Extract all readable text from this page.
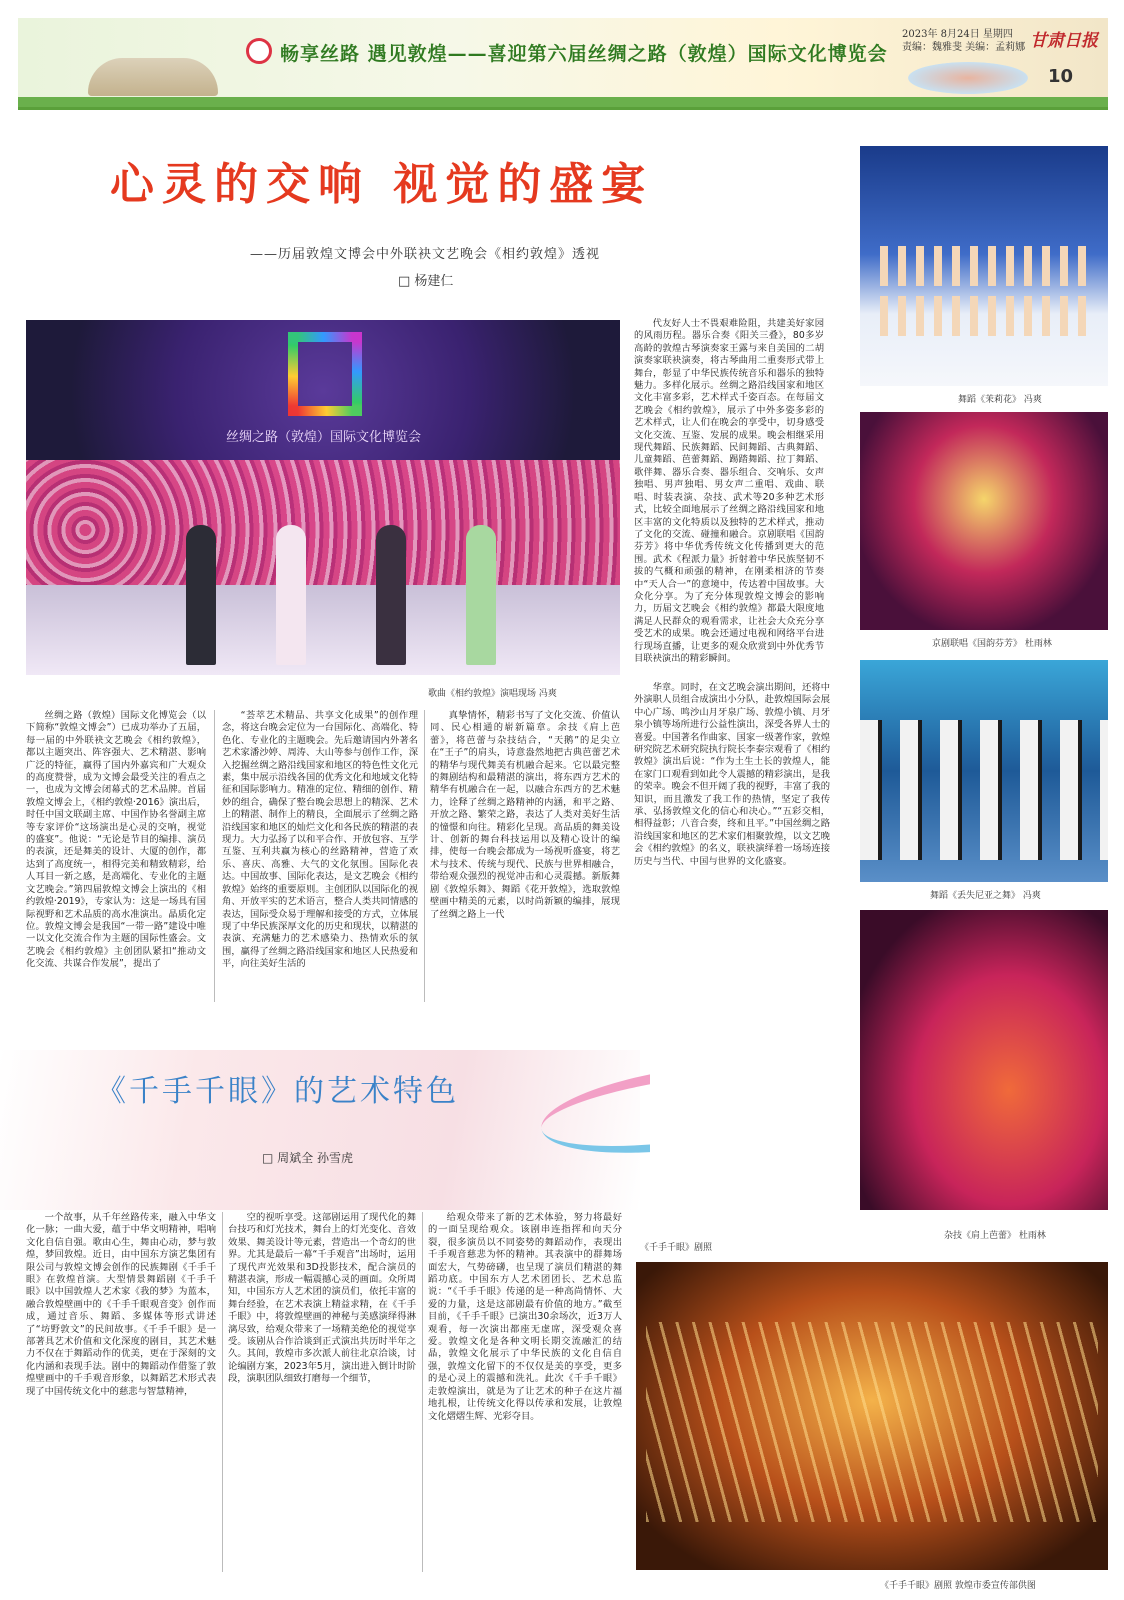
畅享丝路 遇见敦煌——喜迎第六届丝绸之路（敦煌）国际文化博览会
2023年 8月24日 星期四
责编：魏雅斐 美编：孟莉娜 甘肃日报
10
心灵的交响 视觉的盛宴
——历届敦煌文博会中外联袂文艺晚会《相约敦煌》透视
□ 杨建仁
丝绸之路（敦煌）国际文化博览会
歌曲《相约敦煌》演唱现场 冯爽

丝绸之路（敦煌）国际文化博览会（以下简称“敦煌文博会”）已成功举办了五届，每一届的中外联袂文艺晚会《相约敦煌》，都以主题突出、阵容强大、艺术精湛、影响广泛的特征，赢得了国内外嘉宾和广大观众的高度赞誉，成为文博会最受关注的看点之一，也成为文博会闭幕式的艺术品牌。首届敦煌文博会上，《相约敦煌·2016》演出后，时任中国文联副主席、中国作协名誉副主席等专家评价“这场演出是心灵的交响，视觉的盛宴”。他说：“无论是节目的编排、演员的表演，还是舞美的设计、大厦的创作，都达到了高度统一，相得完美和精致精彩，给人耳目一新之感，是高端化、专业化的主题文艺晚会。”第四届敦煌文博会上演出的《相约敦煌·2019》，专家认为：这是一场具有国际视野和艺术品质的高水准演出。晶质化定位。敦煌文博会是我国“一带一路”建设中唯一以文化交流合作为主题的国际性盛会。文艺晚会《相约敦煌》主创团队紧扣“推动文化交流、共谋合作发展”，提出了

“荟萃艺术精品、共享文化成果”的创作理念，将这台晚会定位为一台国际化、高端化、特色化、专业化的主题晚会。先后邀请国内外著名艺术家潘沙婷、周涛、大山等参与创作工作，深入挖掘丝绸之路沿线国家和地区的特色性文化元素，集中展示沿线各国的优秀文化和地域文化特征和国际影响力。精准的定位、精细的创作、精妙的组合，确保了整台晚会思想上的精深、艺术上的精湛、制作上的精良，全面展示了丝绸之路沿线国家和地区的灿烂文化和各民族的精湛的表现力。大力弘扬了以和平合作、开放包容、互学互鉴、互利共赢为核心的丝路精神，营造了欢乐、喜庆、高雅、大气的文化氛围。国际化表达。中国故事、国际化表达，是文艺晚会《相约敦煌》始终的重要原则。主创团队以国际化的视角、开放平实的艺术语言，整合人类共同情感的表达，国际受众易于理解和接受的方式，立体展现了中华民族深厚文化的历史和现状，以精湛的表演、充满魅力的艺术感染力、热情欢乐的氛围，赢得了丝绸之路沿线国家和地区人民热爱和平，向往美好生活的

真挚情怀，精彩书写了文化交流、价值认同、民心相通的崭新篇章。余技《肩上芭蕾》，将芭蕾与杂技结合，“天鹅”的足尖立在“王子”的肩头，诗意盎然地把古典芭蕾艺术的精华与现代舞美有机融合起来。它以最完整的舞剧结构和最精湛的演出，将东西方艺术的精华有机融合在一起，以融合东西方的艺术魅力，诠释了丝绸之路精神的内涵，和平之路、开放之路、繁荣之路，表达了人类对美好生活的憧憬和向往。精彩化呈现。高品质的舞美设计、创新的舞台科技运用以及精心设计的编排，使每一台晚会都成为一场视听盛宴，将艺术与技术、传统与现代、民族与世界相融合，带给观众强烈的视觉冲击和心灵震撼。新版舞剧《敦煌乐舞》、舞蹈《花开敦煌》，选取敦煌壁画中精美的元素，以时尚新颖的编排，展现了丝绸之路上一代

代友好人士不畏艰难险阻，共建美好家园的风雨历程。器乐合奏《阳关三叠》，80多岁高龄的敦煌古琴演奏家王露与来自美国的二胡演奏家联袂演奏，将古琴曲用二重奏形式带上舞台，彰显了中华民族传统音乐和器乐的独特魅力。多样化展示。丝绸之路沿线国家和地区文化丰富多彩，艺术样式千姿百态。在每届文艺晚会《相约敦煌》，展示了中外多姿多彩的艺术样式，让人们在晚会的享受中，切身感受文化交流、互鉴、发展的成果。晚会相继采用现代舞蹈、民族舞蹈、民间舞蹈、古典舞蹈、儿童舞蹈、芭蕾舞蹈、踢踏舞蹈、拉丁舞蹈、歌伴舞、器乐合奏、器乐组合、交响乐、女声独唱、男声独唱、男女声二重唱、戏曲、联唱、时装表演、杂技、武术等20多种艺术形式，比较全面地展示了丝绸之路沿线国家和地区丰富的文化特质以及独特的艺术样式，推动了文化的交流、碰撞和融合。京剧联唱《国韵芬芳》将中华优秀传统文化传播到更大的范围。武术《程派力量》折射着中华民族坚韧不拔的气概和顽强的精神，在刚柔相济的节奏中“天人合一”的意境中，传达着中国故事。大众化分享。为了充分体现敦煌文博会的影响力，历届文艺晚会《相约敦煌》都最大限度地满足人民群众的观看需求，让社会大众充分享受艺术的成果。晚会还通过电视和网络平台进行现场直播，让更多的观众欣赏到中外优秀节目联袂演出的精彩瞬间。

华章。同时，在文艺晚会演出期间，还将中外演职人员组合成演出小分队，赴敦煌国际会展中心广场、鸣沙山月牙泉广场、敦煌小镇、月牙泉小镇等场所进行公益性演出，深受各界人士的喜爱。中国著名作曲家、国家一级著作家，敦煌研究院艺术研究院执行院长李泰宗观看了《相约敦煌》演出后说：“作为土生土长的敦煌人，能在家门口观看到如此令人震撼的精彩演出，是我的荣幸。晚会不但开阔了我的视野，丰富了我的知识，而且激发了我工作的热情，坚定了我传承、弘扬敦煌文化的信心和决心。”“五彩交相，相得益彰；八音合奏，终和且平。”中国丝绸之路沿线国家和地区的艺术家们相聚敦煌，以文艺晚会《相约敦煌》的名义，联袂演绎着一场场连接历史与当代、中国与世界的文化盛宴。

舞蹈《茉莉花》 冯爽
京剧联唱《国韵芬芳》 杜雨林
舞蹈《丢失尼亚之舞》 冯爽
杂技《肩上芭蕾》 杜雨林
《千手千眼》的艺术特色
□ 周斌全 孙雪虎

一个故事，从千年丝路传来，融入中华文化一脉；一曲大爱，蕴于中华文明精神，唱响文化自信自强。歌由心生，舞由心动，梦与敦煌，梦回敦煌。近日，由中国东方演艺集团有限公司与敦煌文博会创作的民族舞剧《千手千眼》在敦煌首演。大型情景舞蹈剧《千手千眼》以中国敦煌人艺术家《我的梦》为蓝本，融合敦煌壁画中的《千手千眼观音变》创作而成，通过音乐、舞蹈、多媒体等形式讲述了“坊野敦文”的民间故事。《千手千眼》是一部著具艺术价值和文化深度的剧目，其艺术魅力不仅在于舞蹈动作的优美，更在于深刻的文化内涵和表现手法。剧中的舞蹈动作借鉴了敦煌壁画中的千手观音形象，以舞蹈艺术形式表现了中国传统文化中的慈悲与智慧精神，

空的视听享受。这部剧运用了现代化的舞台技巧和灯光技术，舞台上的灯光变化、音效效果、舞美设计等元素，营造出一个奇幻的世界。尤其是最后一幕“千手观音”出场时，运用了现代声光效果和3D投影技术，配合演员的精湛表演，形成一幅震撼心灵的画面。众所周知，中国东方人艺术团的演员们，依托丰富的舞台经验，在艺术表演上精益求精，在《千手千眼》中，将敦煌壁画的神秘与美感演绎得淋漓尽致，给观众带来了一场精美绝伦的视觉享受。该剧从合作洽谈到正式演出共历时半年之久。其间，敦煌市多次派人前往北京洽谈，讨论编剧方案，2023年5月，演出进入倒计时阶段，演职团队细致打磨每一个细节，

给观众带来了新的艺术体验，努力将最好的一面呈现给观众。该剧串连指挥和向天分裂，很多演员以不同姿势的舞蹈动作，表现出千手观音慈悲为怀的精神。其表演中的群舞场面宏大，气势磅礴，也呈现了演员们精湛的舞蹈功底。中国东方人艺术团团长、艺术总监说：“《千手千眼》传递的是一种高尚情怀、大爱的力量，这是这部剧最有价值的地方。”截至目前，《千手千眼》已演出30余场次，近3万人观看，每一次演出都座无虚席，深受观众喜爱。敦煌文化是各种文明长期交流融汇的结晶，敦煌文化展示了中华民族的文化自信自强，敦煌文化留下的不仅仅是美的享受，更多的是心灵上的震撼和洗礼。此次《千手千眼》走敦煌演出，就是为了让艺术的种子在这片福地扎根，让传统文化得以传承和发展，让敦煌文化熠熠生辉、光彩夺目。

《千手千眼》剧照
《千手千眼》剧照 敦煌市委宣传部供图
